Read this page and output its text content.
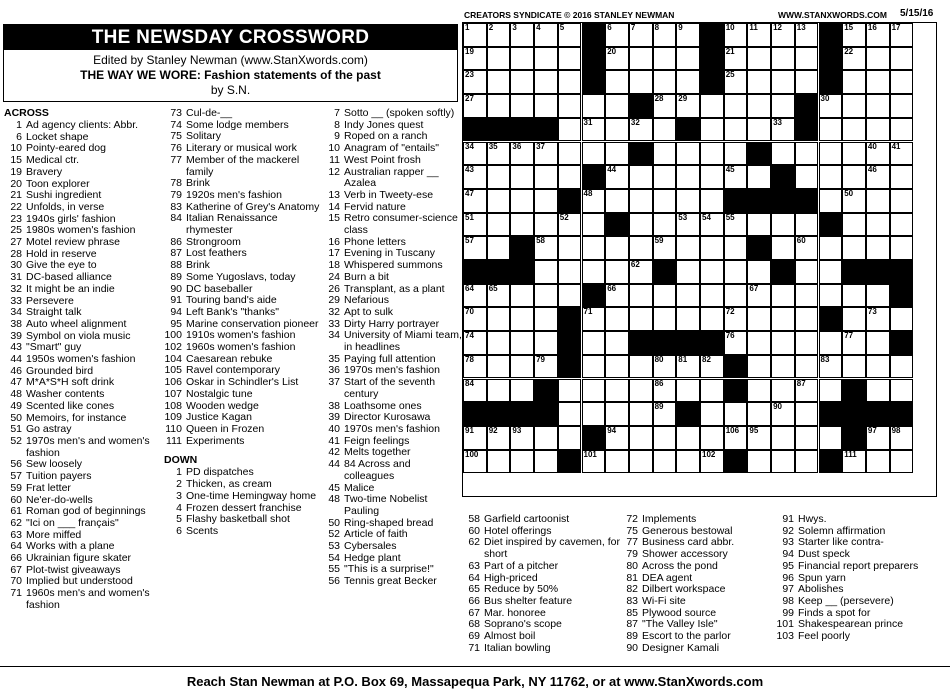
CREATORS SYNDICATE © 2016 STANLEY NEWMAN	WWW.STANXWORDS.COM 5/15/16
THE NEWSDAY CROSSWORD
Edited by Stanley Newman (www.StanXwords.com)
THE WAY WE WORE: Fashion statements of the past
by S.N.
1 2 3 4 5	6 7 8 9	10 11 12 13 14 15 16 17
19	20	21	22
23	24	25	26
27	28 29	30
31	32	33
34 35 36 37	38	39	40 41
43	44	45	46
47	48	49	50
51	52	53 54 55	56
57	58	59	60
61	62	63
64 65	66	67	68
70	71	72	73
74	75	76	77
78	79	80 81 82	83
84	85	86	87
88	89	90
91 92 93	94	106 95	96 97 98
100	101	102 103	111
ACROSS
1 Ad agency clients: Abbr.
6 Locket shape
10 Pointy-eared dog
15 Medical ctr.
19 Bravery
20 Toon explorer
21 Sushi ingredient
22 Unfolds, in verse
23 1940s girls' fashion
25 1980s women's fashion
27 Motel review phrase
28 Hold in reserve
30 Give the eye to
31 DC-based alliance
32 It might be an indie
33 Persevere
34 Straight talk
38 Auto wheel alignment
39 Symbol on viola music
43 "Smart" guy
44 1950s women's fashion
46 Grounded bird
47 M*A*S*H soft drink
48 Washer contents
49 Scented like cones
50 Memoirs, for instance
51 Go astray
52 1970s men's and women's fashion
56 Sew loosely
57 Tuition payers
59 Frat letter
60 Ne'er-do-wells
61 Roman god of beginnings
62 "Ici on ___ français"
63 More miffed
64 Works with a plane
66 Ukrainian figure skater
67 Plot-twist giveaways
70 Implied but understood
71 1960s men's and women's fashion
73 Cul-de-__
74 Some lodge members
75 Solitary
76 Literary or musical work
77 Member of the mackerel family
78 Brink
79 1920s men's fashion
83 Katherine of Grey's Anatomy
84 Italian Renaissance rhymester
86 Strongroom
87 Lost feathers
88 Brink
89 Some Yugoslavs, today
90 DC baseballer
91 Touring band's aide
94 Left Bank's "thanks"
95 Marine conservation pioneer
100 1910s women's fashion
102 1960s women's fashion
104 Caesarean rebuke
105 Ravel contemporary
106 Oskar in Schindler's List
107 Nostalgic tune
108 Wooden wedge
109 Justice Kagan
110 Queen in Frozen
111 Experiments
DOWN
1 PD dispatches
2 Thicken, as cream
3 One-time Hemingway home
4 Frozen dessert franchise
5 Flashy basketball shot
6 Scents
7 Sotto __ (spoken softly)
8 Indy Jones quest
9 Roped on a ranch
10 Anagram of "entails"
11 West Point frosh
12 Australian rapper __ Azalea
13 Verb in Tweety-ese
14 Fervid nature
15 Retro consumer-science class
16 Phone letters
17 Evening in Tuscany
18 Whispered summons
24 Burn a bit
26 Transplant, as a plant
29 Nefarious
32 Apt to sulk
33 Dirty Harry portrayer
34 University of Miami team, in headlines
35 Paying full attention
36 1970s men's fashion
37 Start of the seventh century
38 Loathsome ones
39 Director Kurosawa
40 1970s men's fashion
41 Feign feelings
42 Melts together
44 84 Across and colleagues
45 Malice
48 Two-time Nobelist Pauling
50 Ring-shaped bread
52 Article of faith
53 Cybersales
54 Hedge plant
55 "This is a surprise!"
56 Tennis great Becker
58 Garfield cartoonist
60 Hotel offerings
62 Diet inspired by cavemen, for short
63 Part of a pitcher
64 High-priced
65 Reduce by 50%
66 Bus shelter feature
67 Mar. honoree
68 Soprano's scope
69 Almost boil
71 Italian bowling
72 Implements
75 Generous bestowal
77 Business card abbr.
79 Shower accessory
80 Across the pond
81 DEA agent
82 Dilbert workspace
83 Wi-Fi site
85 Plywood source
87 "The Valley Isle"
89 Escort to the parlor
90 Designer Kamali
91 Hwys.
92 Solemn affirmation
93 Starter like contra-
94 Dust speck
95 Financial report preparers
96 Spun yarn
97 Abolishes
98 Keep __ (persevere)
99 Finds a spot for
101 Shakespearean prince
103 Feel poorly
Reach Stan Newman at P.O. Box 69, Massapequa Park, NY 11762, or at www.StanXwords.com
